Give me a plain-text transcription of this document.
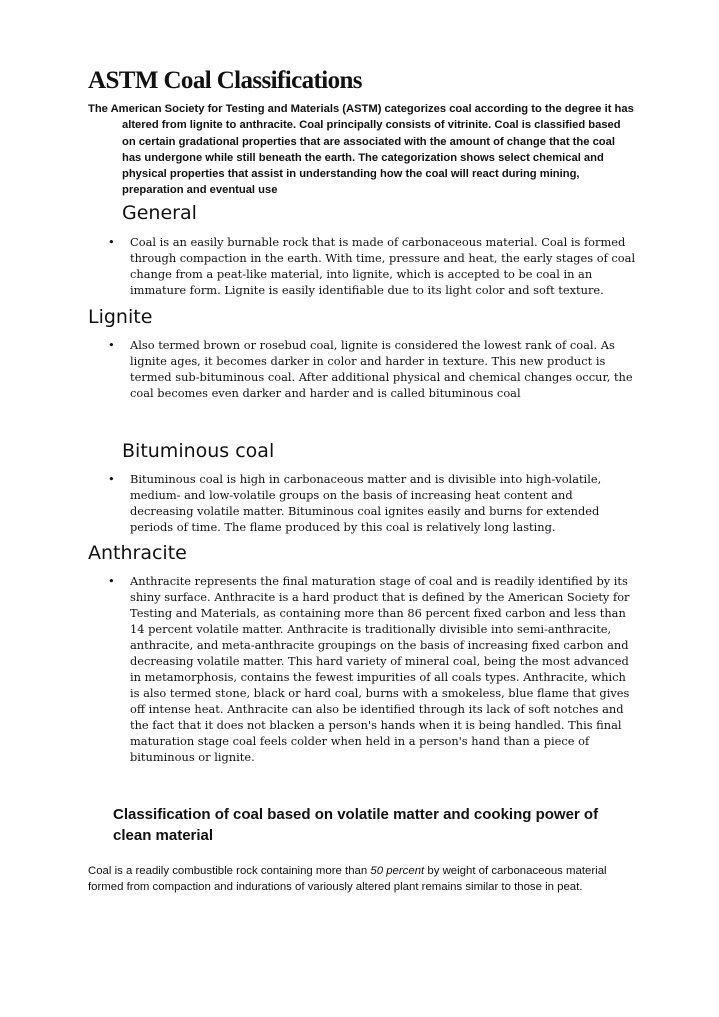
ASTM Coal Classifications

The American Society for Testing and Materials (ASTM) categorizes coal according to the degree it has altered from lignite to anthracite. Coal principally consists of vitrinite. Coal is classified based on certain gradational properties that are associated with the amount of change that the coal has undergone while still beneath the earth. The categorization shows select chemical and physical properties that assist in understanding how the coal will react during mining, preparation and eventual use

General
• Coal is an easily burnable rock that is made of carbonaceous material. Coal is formed through compaction in the earth. With time, pressure and heat, the early stages of coal change from a peat-like material, into lignite, which is accepted to be coal in an immature form. Lignite is easily identifiable due to its light color and soft texture.
Lignite
• Also termed brown or rosebud coal, lignite is considered the lowest rank of coal. As lignite ages, it becomes darker in color and harder in texture. This new product is termed sub-bituminous coal. After additional physical and chemical changes occur, the coal becomes even darker and harder and is called bituminous coal
Bituminous coal
• Bituminous coal is high in carbonaceous matter and is divisible into high-volatile, medium- and low-volatile groups on the basis of increasing heat content and decreasing volatile matter. Bituminous coal ignites easily and burns for extended periods of time. The flame produced by this coal is relatively long lasting.
Anthracite
• Anthracite represents the final maturation stage of coal and is readily identified by its shiny surface. Anthracite is a hard product that is defined by the American Society for Testing and Materials, as containing more than 86 percent fixed carbon and less than 14 percent volatile matter. Anthracite is traditionally divisible into semi-anthracite, anthracite, and meta-anthracite groupings on the basis of increasing fixed carbon and decreasing volatile matter. This hard variety of mineral coal, being the most advanced in metamorphosis, contains the fewest impurities of all coals types. Anthracite, which is also termed stone, black or hard coal, burns with a smokeless, blue flame that gives off intense heat. Anthracite can also be identified through its lack of soft notches and the fact that it does not blacken a person's hands when it is being handled. This final maturation stage coal feels colder when held in a person's hand than a piece of bituminous or lignite.
Classification of coal based on volatile matter and cooking power of clean material

Coal is a readily combustible rock containing more than 50 percent by weight of carbonaceous material formed from compaction and indurations of variously altered plant remains similar to those in peat.
